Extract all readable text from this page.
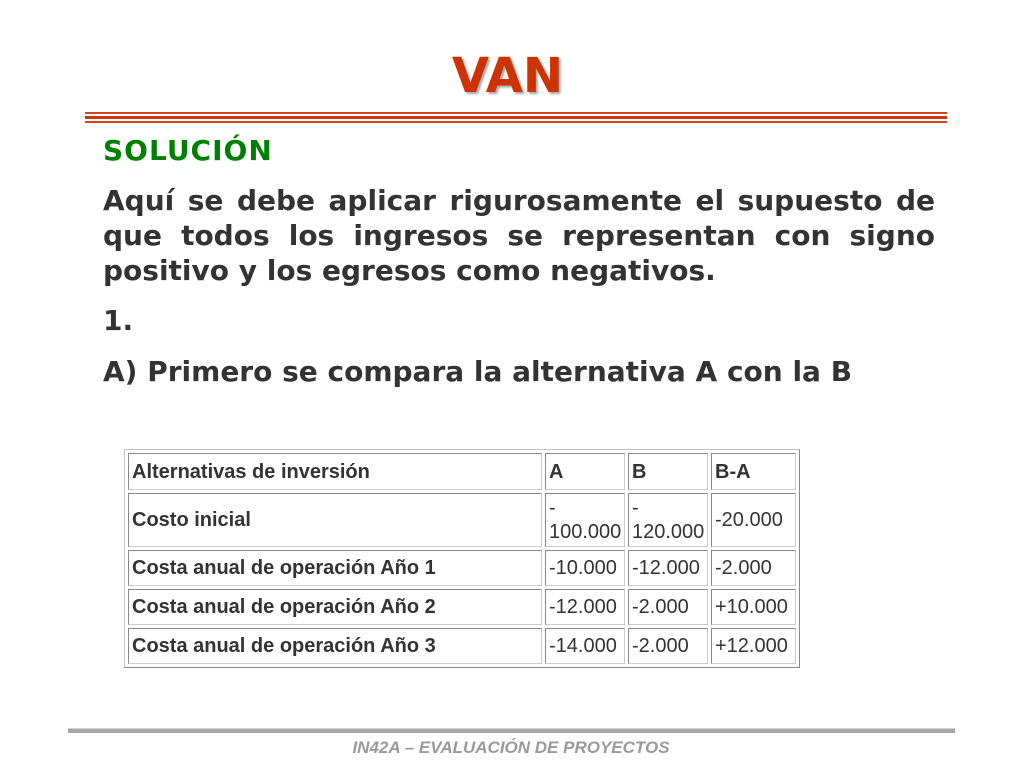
VAN

SOLUCIÓN

Aquí se debe aplicar rigurosamente el supuesto de que todos los ingresos se representan con signo positivo y los egresos como negativos.

1.

A) Primero se compara la alternativa A con la B

Alternativas de inversión	A	B	B-A
Costo inicial	- 100.000	- 120.000	-20.000
Costa anual de operación Año 1	-10.000	-12.000	-2.000
Costa anual de operación Año 2	-12.000	-2.000	+10.000
Costa anual de operación Año 3	-14.000	-2.000	+12.000

IN42A – EVALUACIÓN DE PROYECTOS
